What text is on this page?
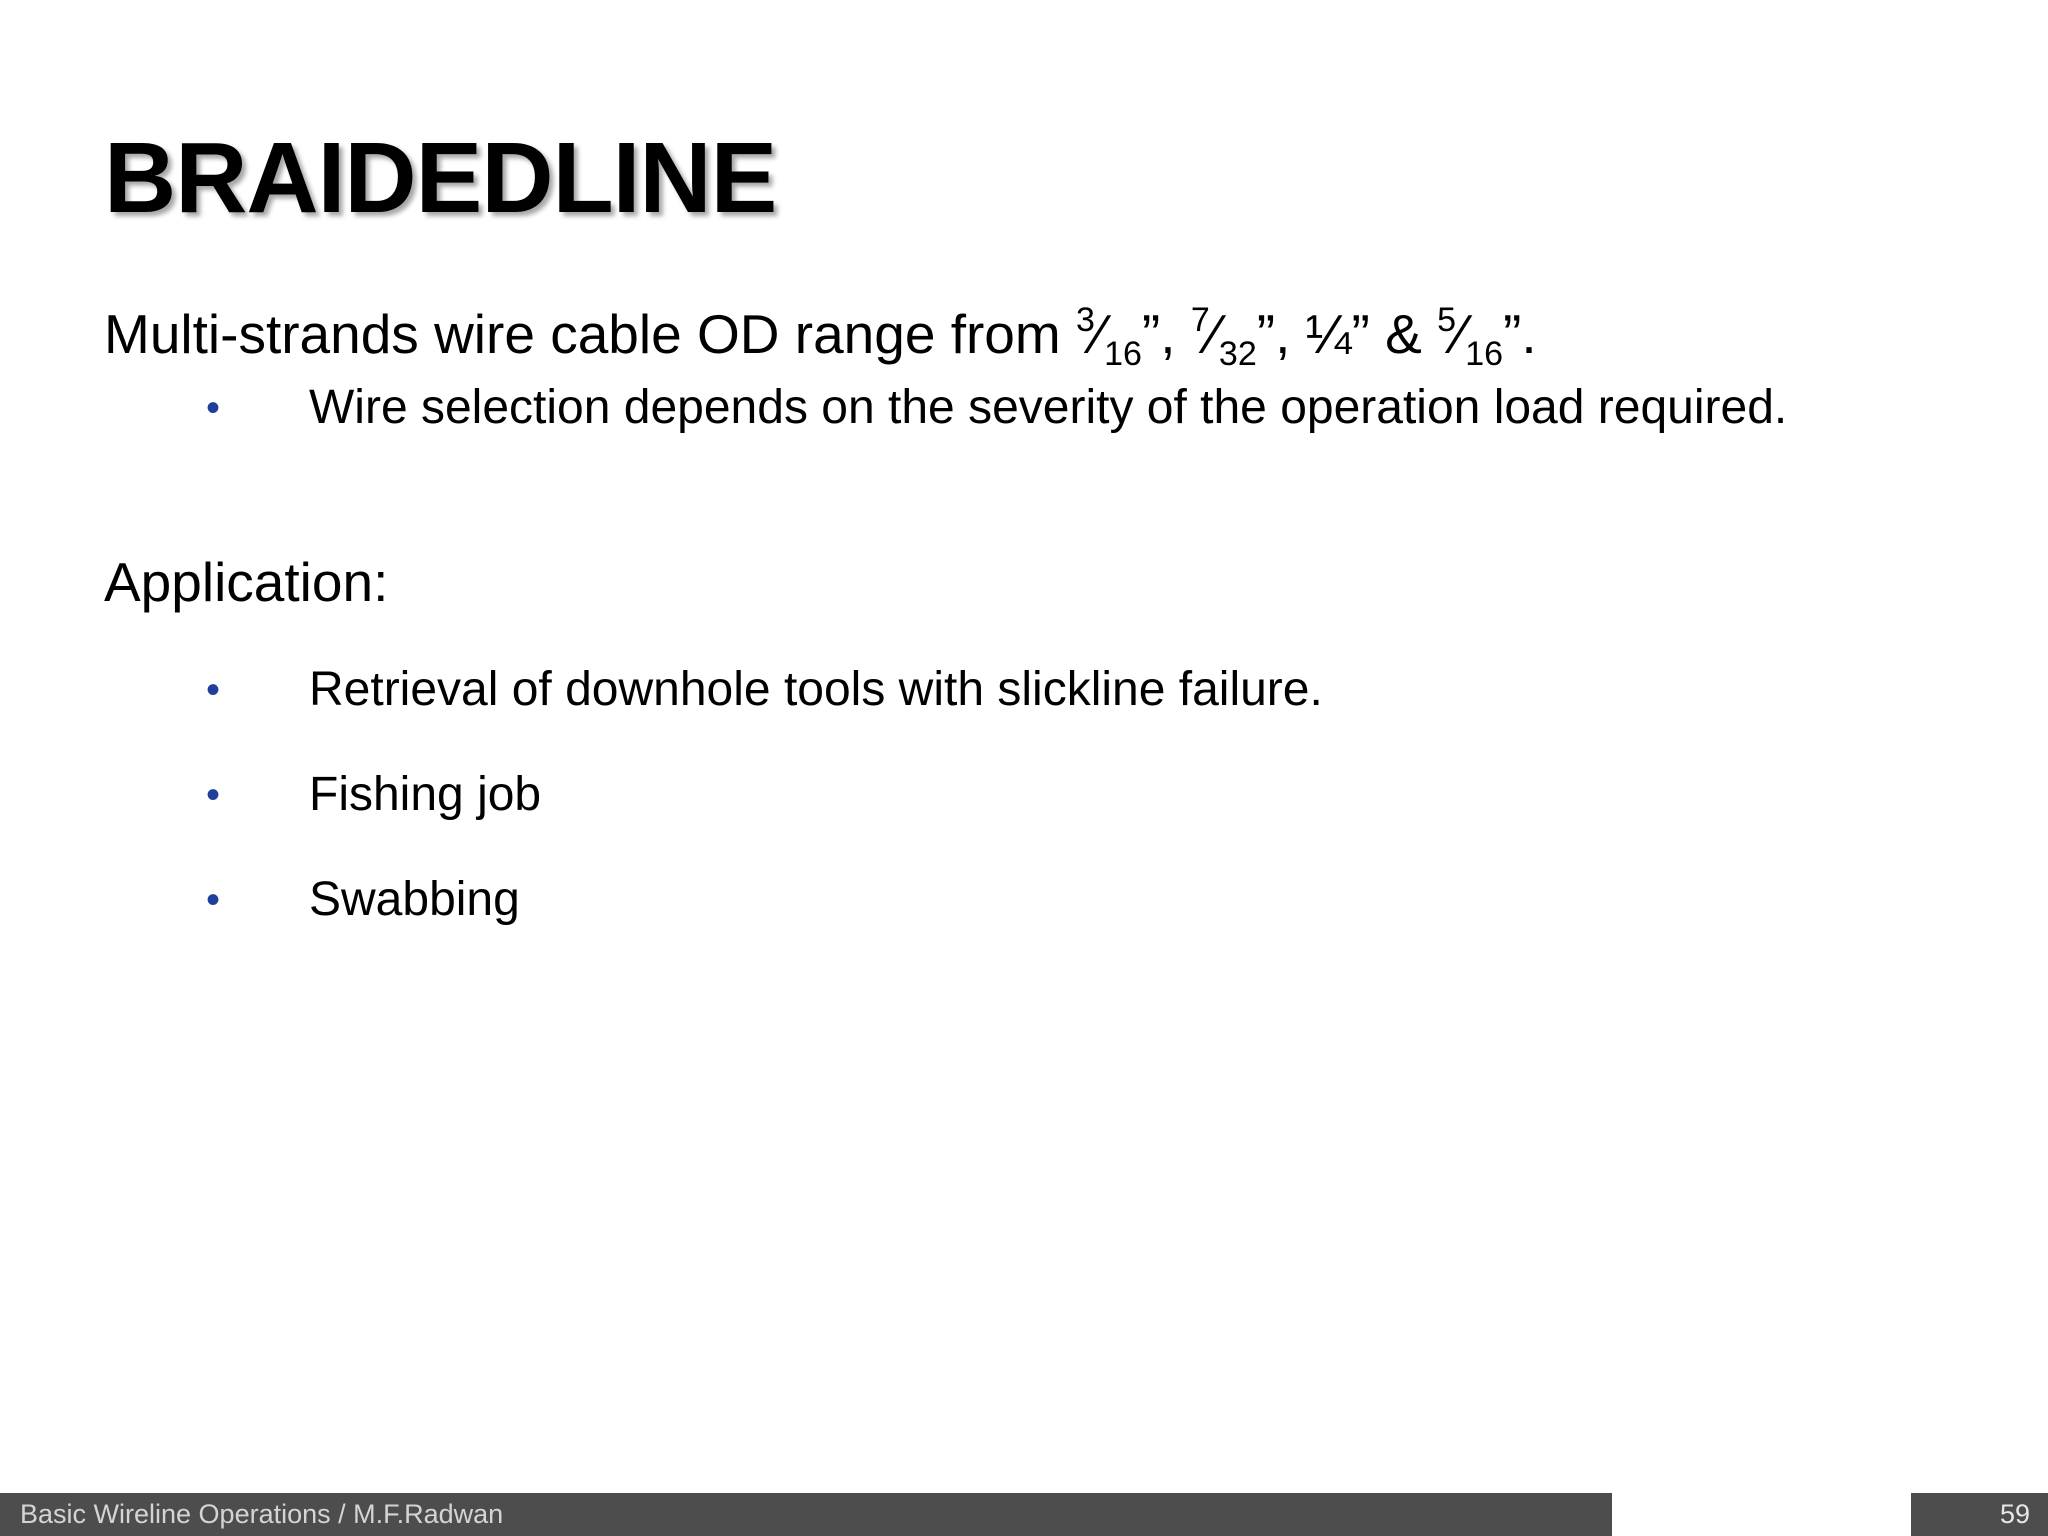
BRAIDEDLINE
Multi-strands wire cable OD range from $^3⁄_{16}$”, $^7⁄_{32}$”, ¼” & $^5⁄_{16}$”.
• Wire selection depends on the severity of the operation load required.
Application:
• Retrieval of downhole tools with slickline failure.
• Fishing job
• Swabbing
Basic Wireline Operations / M.F.Radwan	59
